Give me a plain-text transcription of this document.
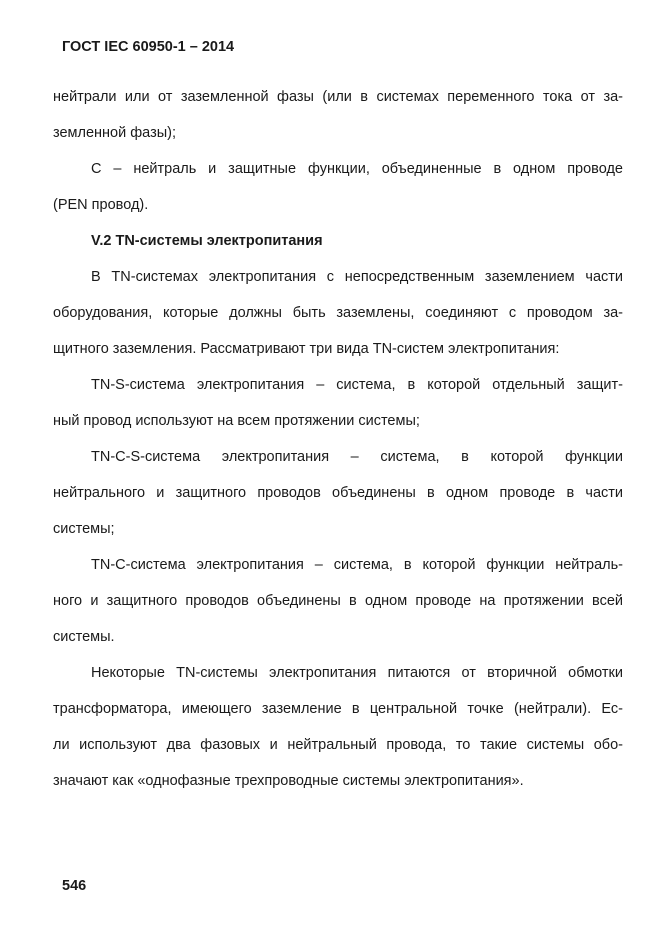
ГОСТ IEC 60950-1 – 2014
нейтрали или от заземленной фазы (или в системах переменного тока от за-
земленной фазы);
C – нейтраль и защитные функции, объединенные в одном проводе
(PEN провод).
V.2 TN-системы электропитания
В TN-системах электропитания с непосредственным заземлением части
оборудования, которые должны быть заземлены, соединяют с проводом за-
щитного заземления. Рассматривают три вида TN-систем электропитания:
TN-S-система электропитания – система, в которой отдельный защит-
ный провод используют на всем протяжении системы;
TN-C-S-система электропитания – система, в которой функции
нейтрального и защитного проводов объединены в одном проводе в части
системы;
TN-C-система электропитания – система, в которой функции нейтраль-
ного и защитного проводов объединены в одном проводе на протяжении всей
системы.
Некоторые TN-системы электропитания питаются от вторичной обмотки
трансформатора, имеющего заземление в центральной точке (нейтрали). Ес-
ли используют два фазовых и нейтральный провода, то такие системы обо-
значают как «однофазные трехпроводные системы электропитания».
546
